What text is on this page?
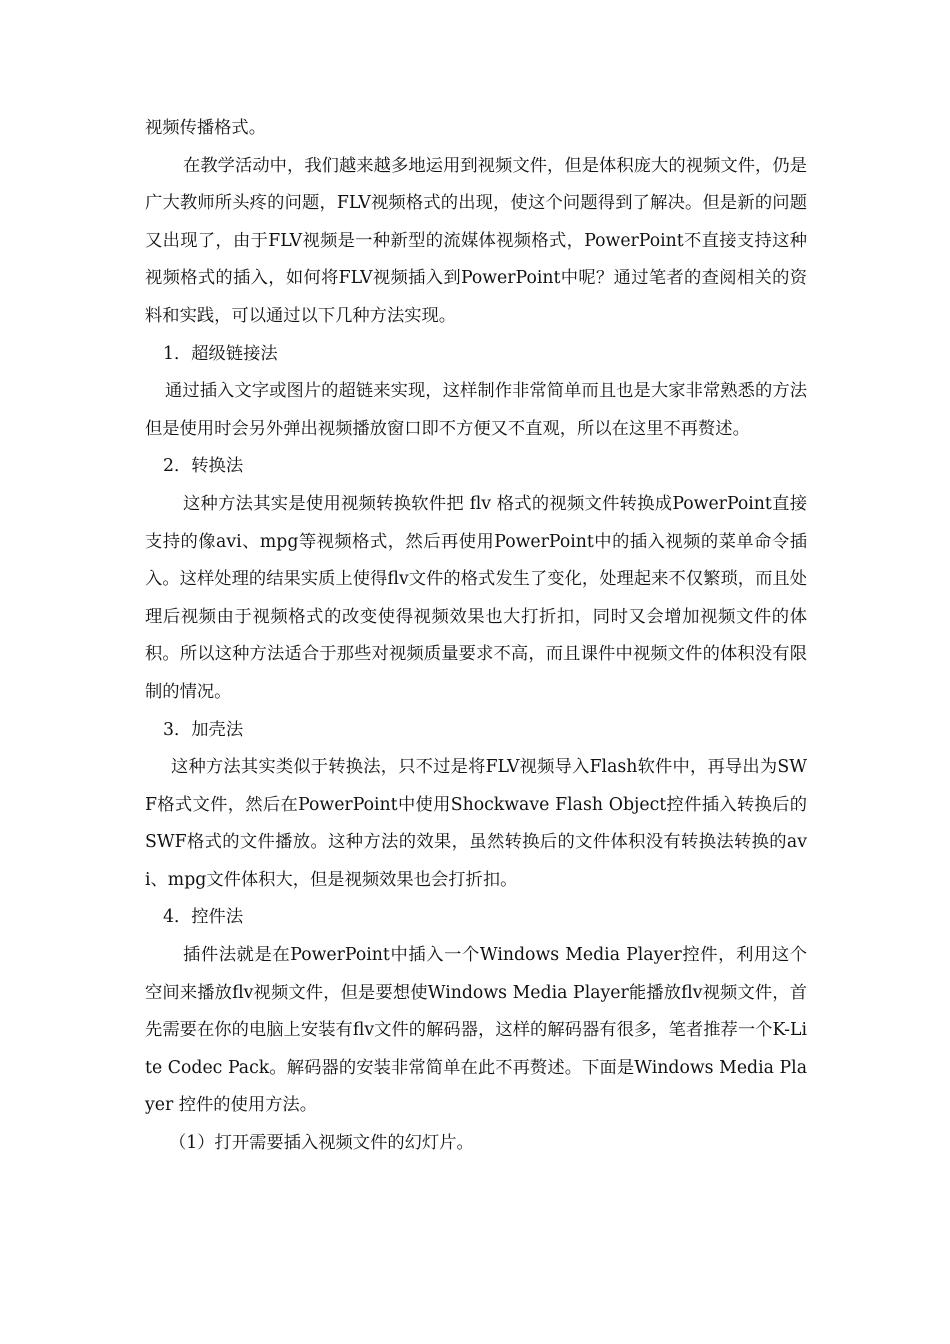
视频传播格式。

在教学活动中，我们越来越多地运用到视频文件，但是体积庞大的视频文件，仍是广大教师所头疼的问题，FLV视频格式的出现，使这个问题得到了解决。但是新的问题又出现了，由于FLV视频是一种新型的流媒体视频格式，PowerPoint不直接支持这种视频格式的插入，如何将FLV视频插入到PowerPoint中呢？通过笔者的查阅相关的资料和实践，可以通过以下几种方法实现。

1．超级链接法

通过插入文字或图片的超链来实现，这样制作非常简单而且也是大家非常熟悉的方法但是使用时会另外弹出视频播放窗口即不方便又不直观，所以在这里不再赘述。

2．转换法

这种方法其实是使用视频转换软件把 flv 格式的视频文件转换成PowerPoint直接支持的像avi、mpg等视频格式，然后再使用PowerPoint中的插入视频的菜单命令插入。这样处理的结果实质上使得flv文件的格式发生了变化，处理起来不仅繁琐，而且处理后视频由于视频格式的改变使得视频效果也大打折扣，同时又会增加视频文件的体积。所以这种方法适合于那些对视频质量要求不高，而且课件中视频文件的体积没有限制的情况。

3．加壳法

这种方法其实类似于转换法，只不过是将FLV视频导入Flash软件中，再导出为SWF格式文件，然后在PowerPoint中使用Shockwave Flash Object控件插入转换后的SWF格式的文件播放。这种方法的效果，虽然转换后的文件体积没有转换法转换的avi、mpg文件体积大，但是视频效果也会打折扣。

4．控件法

插件法就是在PowerPoint中插入一个Windows Media Player控件，利用这个空间来播放flv视频文件，但是要想使Windows Media Player能播放flv视频文件，首先需要在你的电脑上安装有flv文件的解码器，这样的解码器有很多，笔者推荐一个K-Lite Codec Pack。解码器的安装非常简单在此不再赘述。下面是Windows Media Player 控件的使用方法。

（1）打开需要插入视频文件的幻灯片。
